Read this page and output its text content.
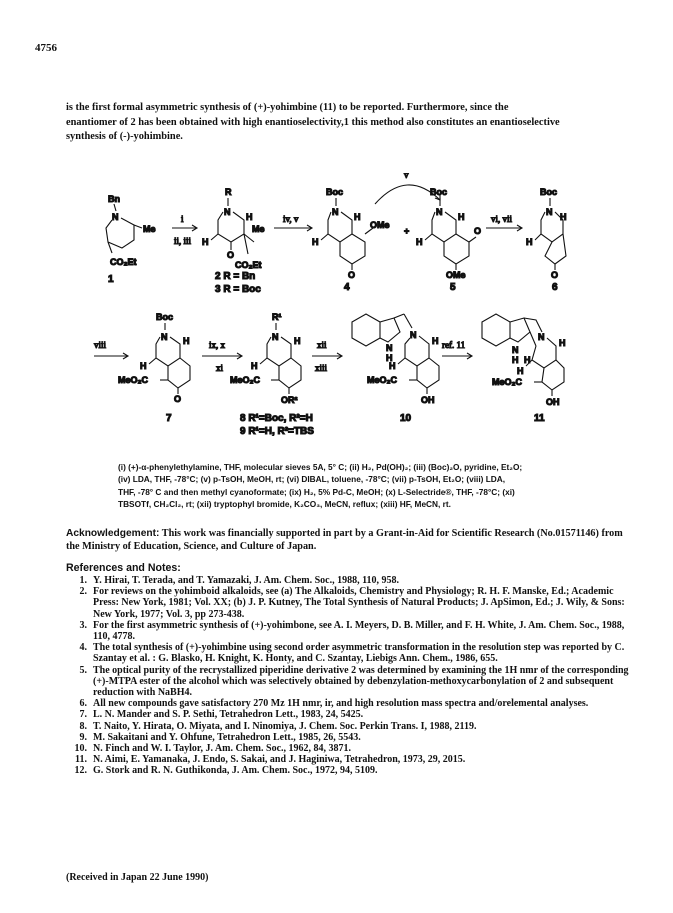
4756

is the first formal asymmetric synthesis of (+)-yohimbine (11) to be reported. Furthermore, since the

enantiomer of 2 has been obtained with high enantioselectivity,1 this method also constitutes an enantioselective

synthesis of (-)-yohimbine.

Bn
N
Me
CO₂Et
1
i
ii, iii
R
N H
Me
H
O
CO₂Et
2 R = Bn
3 R = Boc
iv, v
Boc
N H
OMe
H
O
4
+
v
Boc
N H
O
H
OMe
5
vi, vii
Boc
N H
H
O
6
viii
Boc
N H
H
MeO₂C
O
7
ix, x
xi
R¹
N H
H
MeO₂C
OR²
8 R¹=Boc, R²=H
9 R¹=H, R²=TBS
xii
xiii
N
H
N
H
H
MeO₂C
OH
10
ref. 11	N
H
N
H
H
H
MeO₂C
OH
11
(i) (+)-α-phenylethylamine, THF, molecular sieves 5A, 5° C; (ii) H₂, Pd(OH)₂; (iii) (Boc)₂O, pyridine, Et₂O;
(iv) LDA, THF, -78°C; (v) p-TsOH, MeOH, rt; (vi) DIBAL, toluene, -78°C; (vii) p-TsOH, Et₂O; (viii) LDA,
THF, -78° C and then methyl cyanoformate; (ix) H₂, 5% Pd-C, MeOH; (x) L-Selectride®, THF, -78°C; (xi)
TBSOTf, CH₂Cl₂, rt; (xii) tryptophyl bromide, K₂CO₃, MeCN, reflux; (xiii) HF, MeCN, rt.
Acknowledgement: This work was financially supported in part by a Grant-in-Aid for Scientific Research (No.01571146) from the Ministry of Education, Science, and Culture of Japan.
References and Notes:
1. Y. Hirai, T. Terada, and T. Yamazaki, J. Am. Chem. Soc., 1988, 110, 958.
2. For reviews on the yohimboid alkaloids, see (a) The Alkaloids, Chemistry and Physiology; R. H. F. Manske, Ed.; Academic Press: New York, 1981; Vol. XX; (b) J. P. Kutney, The Total Synthesis of Natural Products; J. ApSimon, Ed.; J. Wily, & Sons: New York, 1977; Vol. 3, pp 273-438.
3. For the first asymmetric synthesis of (+)-yohimbone, see A. I. Meyers, D. B. Miller, and F. H. White, J. Am. Chem. Soc., 1988, 110, 4778.
4. The total synthesis of (+)-yohimbine using second order asymmetric transformation in the resolution step was reported by C. Szantay et al. : G. Blasko, H. Knight, K. Honty, and C. Szantay, Liebigs Ann. Chem., 1986, 655.
5. The optical purity of the recrystallized piperidine derivative 2 was determined by examining the 1H nmr of the corresponding (+)-MTPA ester of the alcohol which was selectively obtained by debenzylation-methoxycarbonylation of 2 and subsequent reduction with NaBH4.
6. All new compounds gave satisfactory 270 Mz 1H nmr, ir, and high resolution mass spectra and/orelemental analyses.
7. L. N. Mander and S. P. Sethi, Tetrahedron Lett., 1983, 24, 5425.
8. T. Naito, Y. Hirata, O. Miyata, and I. Ninomiya, J. Chem. Soc. Perkin Trans. I, 1988, 2119.
9. M. Sakaitani and Y. Ohfune, Tetrahedron Lett., 1985, 26, 5543.
10. N. Finch and W. I. Taylor, J. Am. Chem. Soc., 1962, 84, 3871.
11. N. Aimi, E. Yamanaka, J. Endo, S. Sakai, and J. Haginiwa, Tetrahedron, 1973, 29, 2015.
12. G. Stork and R. N. Guthikonda, J. Am. Chem. Soc., 1972, 94, 5109.
(Received in Japan 22 June 1990)
